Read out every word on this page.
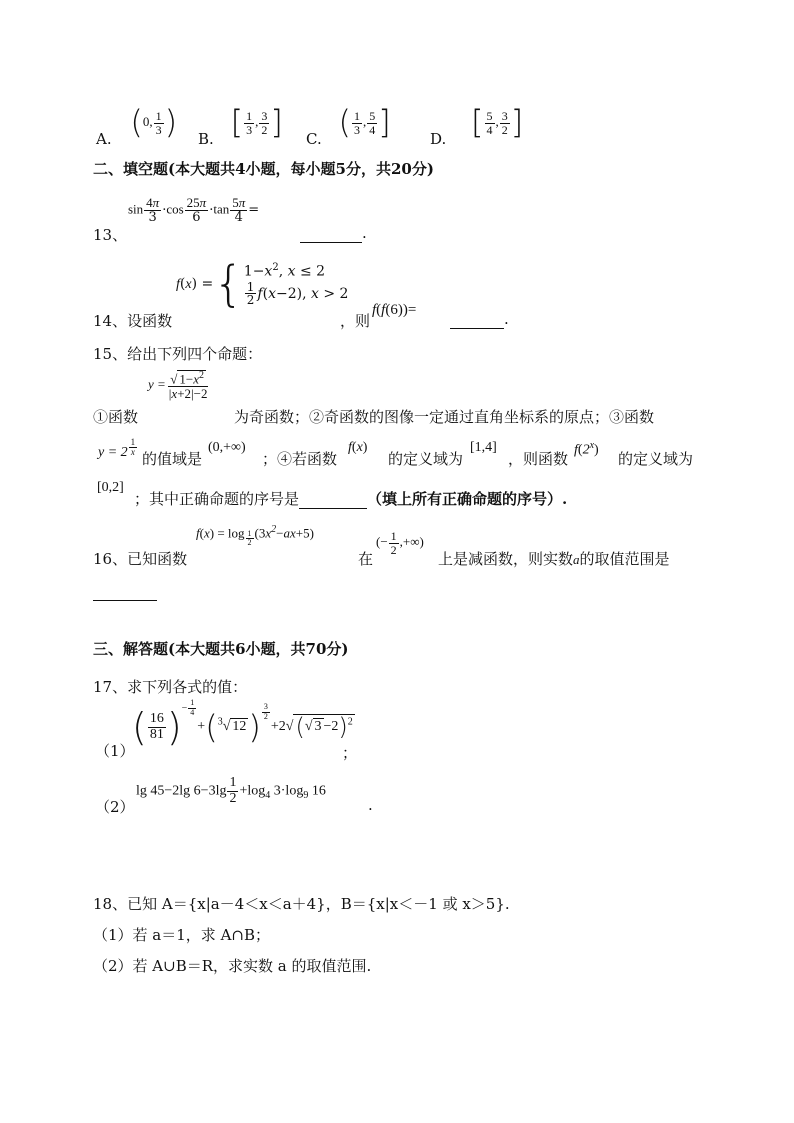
A. (0, $\frac{1}{3}$ ) B. [ $\frac{1}{3}$ , $\frac{3}{2}$ ] C. ( $\frac{1}{3}$ , $\frac{5}{4}$ ]	D. [ $\frac{5}{4}$ , $\frac{3}{2}$ ]
二、填空题(本大题共4小题，每小题5分，共20分)
$\sin \frac{4\pi}{3} \cdot\cos \frac{25\pi}{6} \cdot\tan \frac{5\pi}{4}$ =
13、	.
f(x) ={ $1-x^2$, x ≤ 2
$\frac{1}{2} f(x-2)$, x > 2
14、设函数	，则
f(f(6))=	.
15、给出下列四个命题：
$y = \frac{√ 1-x^2}{|x+2|-2}$
①函数	为奇函数；②奇函数的图像一定通过直角坐标系的原点；③函数
y = 2 $^{\frac{1}{x}}$
的值域是
(0,+∞)
；④若函数
f(x)
的定义域为
[1,4]
，则函数 f(2$^x$) 的定义域为
[0,2]
；其中正确命题的序号是	（填上所有正确命题的序号）.
f(x) = log $_{\frac{1}{2}}$ $(3x^2-ax+5)$
16、已知函数	在
(− $\frac{1}{2}$ ,+∞)
上是减函数，则实数a的取值范围是

三、解答题(本大题共6小题，共70分)
17、求下列各式的值：
（1）
( $\frac{16}{81} )^{- \frac{1}{4}}$
+($^3$√ 12) $^{\frac{3}{2}}$
+2√(√ 3 −2)$^2$
；
（2）
lg 45−2lg $6-3\lg \frac{1}{2} +\log_4$ $3\cdot\log_9$ 16
.
18、已知 A＝{x|a－4＜x＜a＋4}，B＝{x|x＜－1 或 x＞5}.
（1）若 a＝1，求 A∩B；
（2）若 A∪B＝R，求实数 a 的取值范围.
